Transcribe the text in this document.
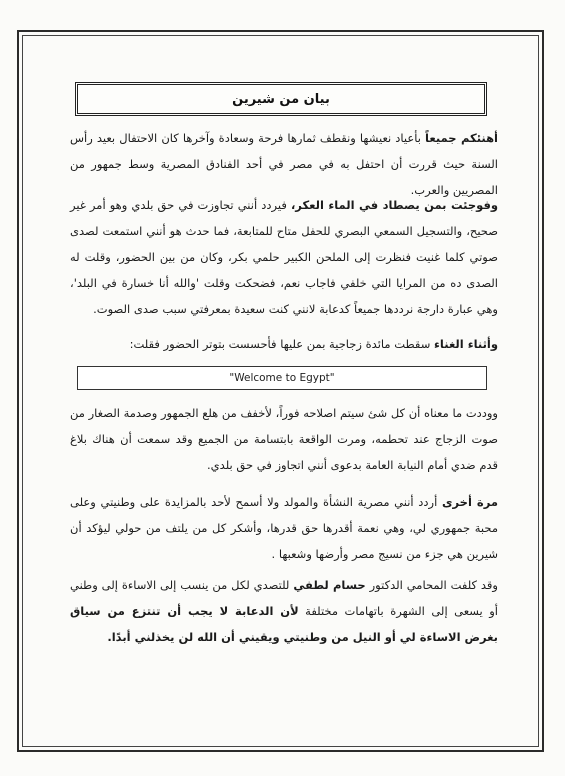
بيان من شيرين
أهنئكم جميعاً بأعياد نعيشها ونقطف ثمارها فرحة وسعادة وآخرها كان الاحتفال بعيد رأس السنة حيث قررت أن احتفل به في مصر في أحد الفنادق المصرية وسط جمهور من المصريين والعرب.
وفوجئت بمن يصطاد في الماء العكر، فيردد أنني تجاوزت في حق بلدي وهو أمر غير صحيح، والتسجيل السمعي البصري للحفل متاح للمتابعة، فما حدث هو أنني استمعت لصدى صوتي كلما غنيت فنظرت إلى الملحن الكبير حلمي بكر، وكان من بين الحضور، وقلت له الصدى ده من المرايا التي خلفي فاجاب نعم، فضحكت وقلت 'والله أنا خسارة في البلد'، وهي عبارة دارجة نرددها جميعاً كدعابة لانني كنت سعيدة بمعرفتي سبب صدى الصوت.
وأثناء الغناء سقطت مائدة زجاجية بمن عليها فأحسست بتوتر الحضور فقلت:
"Welcome to Egypt"
ووددت ما معناه أن كل شئ سيتم اصلاحه فوراً، لأخفف من هلع الجمهور وصدمة الصغار من صوت الزجاج عند تحطمه، ومرت الواقعة بابتسامة من الجميع وقد سمعت أن هناك بلاغ قدم ضدي أمام النيابة العامة بدعوى أنني اتجاوز في حق بلدي.
مرة أخرى أردد أنني مصرية النشأة والمولد ولا أسمح لأحد بالمزايدة على وطنيتي وعلى محبة جمهوري لي، وهي نعمة أقدرها حق قدرها، وأشكر كل من يلتف من حولي ليؤكد أن شيرين هي جزء من نسيج مصر وأرضها وشعبها .
وقد كلفت المحامي الدكتور حسام لطفي للتصدي لكل من ينسب إلى الاساءة إلى وطني أو يسعى إلى الشهرة باتهامات مختلفة لأن الدعابة لا يجب أن تنتزع من سياق بغرض الاساءة لي أو النيل من وطنيتي ويقيني أن الله لن يخذلني أبدًا.
